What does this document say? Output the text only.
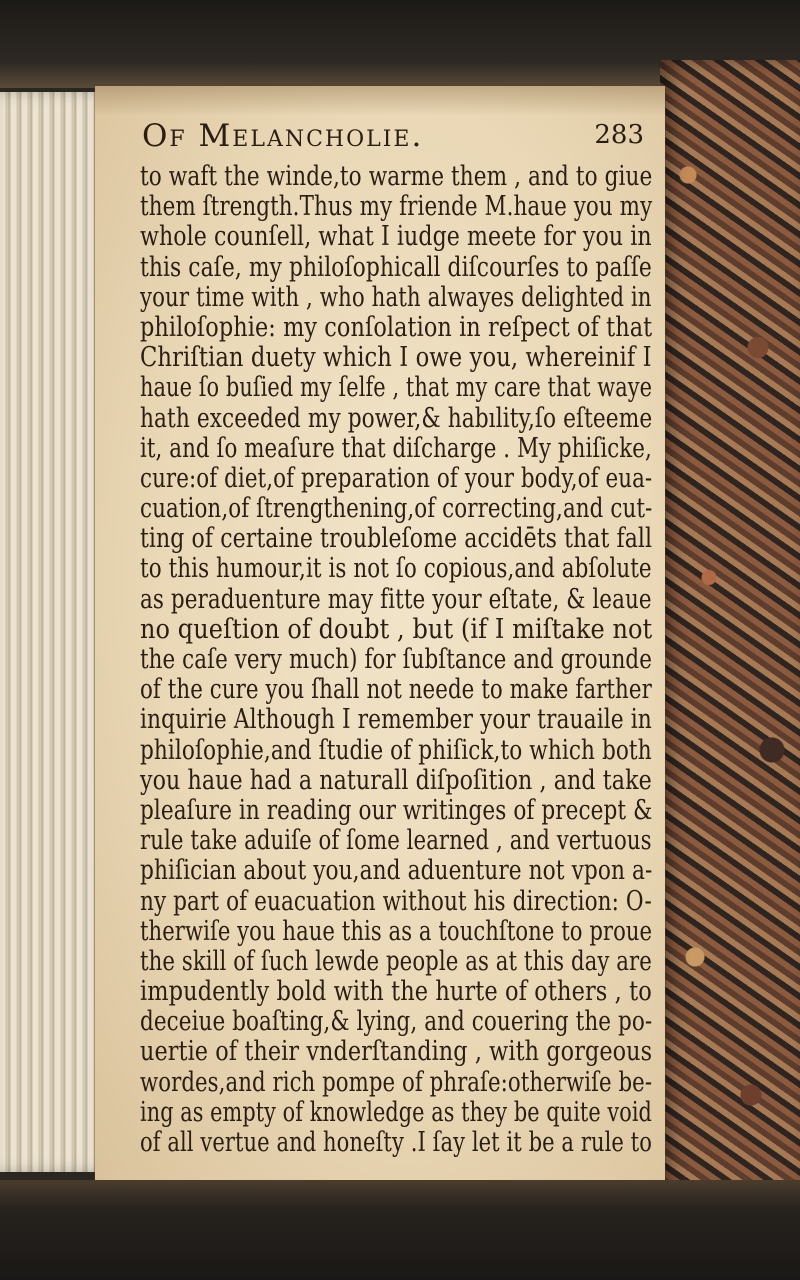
Of Melancholie.	283
to waft the winde,to warme them , and to giue
them ſtrength.Thus my friende M.haue you my
whole counſell, what I iudge meete for you in
this caſe, my philoſophicall diſcourſes to paſſe
your time with , who hath alwayes delighted in
philoſophie: my conſolation in reſpect of that
Chriſtian duety which I owe you, whereinif I
haue ſo buſied my ſelfe , that my care that waye
hath exceeded my power,& habılity,ſo eſteeme
it, and ſo meaſure that diſcharge . My phiſicke,
cure:of diet,of preparation of your body,of eua-
cuation,of ſtrengthening,of correcting,and cut-
ting of certaine troubleſome accidēts that fall
to this humour,it is not ſo copious,and abſolute
as peraduenture may fitte your eſtate, & leaue
no queſtion of doubt , but (if I miſtake not
the caſe very much) for ſubſtance and grounde
of the cure you ſhall not neede to make farther
inquirie Although I remember your trauaile in
philoſophie,and ſtudie of phiſick,to which both
you haue had a naturall diſpoſition , and take
pleaſure in reading our writinges of precept &
rule take aduiſe of ſome learned , and vertuous
phiſician about you,and aduenture not vpon a-
ny part of euacuation without his direction: O-
therwiſe you haue this as a touchſtone to proue
the skill of ſuch lewde people as at this day are
impudently bold with the hurte of others , to
deceiue boaſting,& lying, and couering the po-
uertie of their vnderſtanding , with gorgeous
wordes,and rich pompe of phraſe:otherwiſe be-
ing as empty of knowledge as they be quite void
of all vertue and honeſty .I ſay let it be a rule to
